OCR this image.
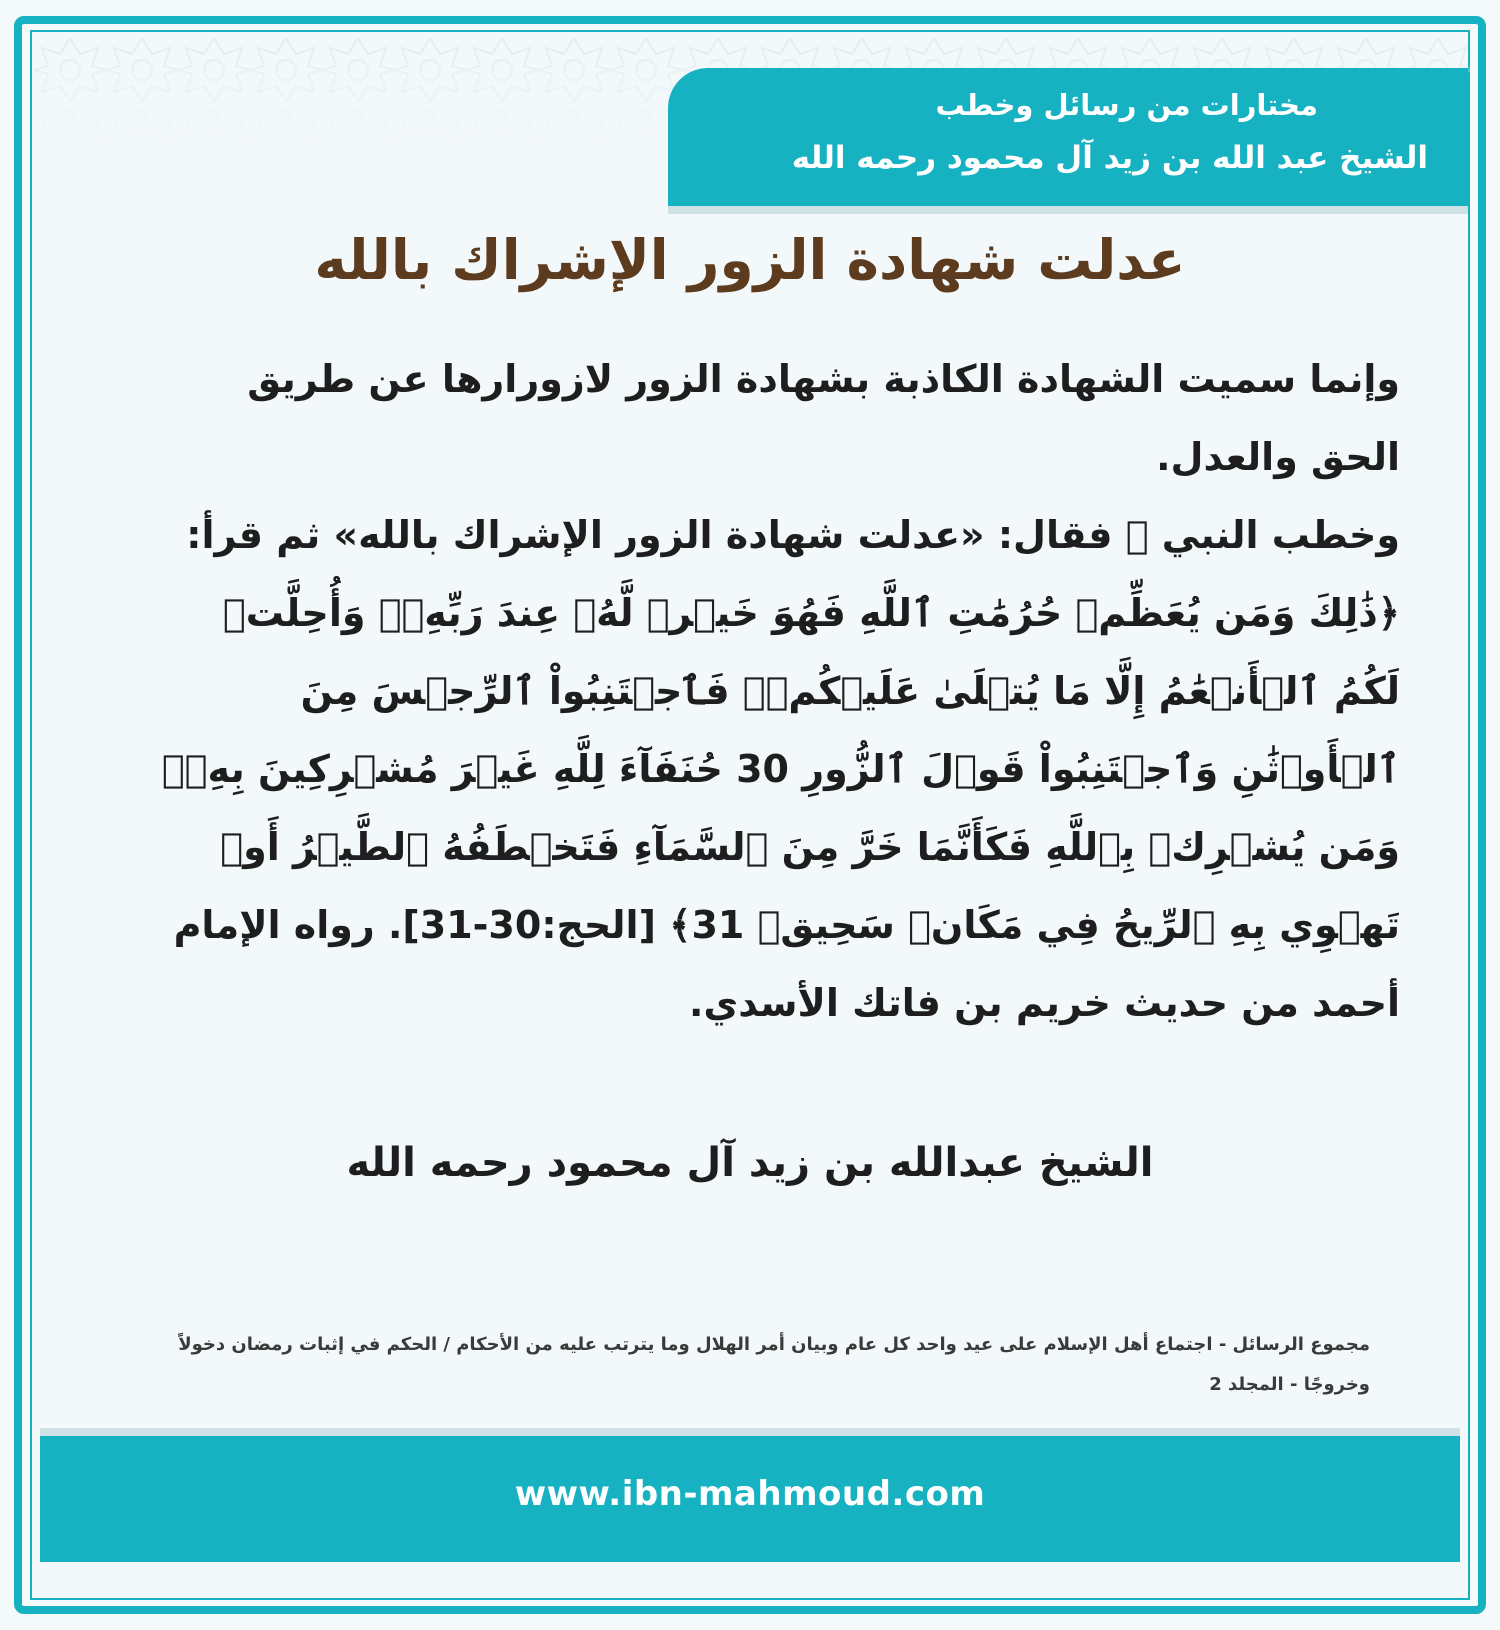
مختارات من رسائل وخطب
الشيخ عبد الله بن زيد آل محمود رحمه الله
عدلت شهادة الزور الإشراك بالله

وإنما سميت الشهادة الكاذبة بشهادة الزور لازورارها عن طريق الحق والعدل.

وخطب النبي ﷺ فقال: «عدلت شهادة الزور الإشراك بالله» ثم قرأ: ﴿ذَٰلِكَ وَمَن يُعَظِّمۡ حُرُمَٰتِ ٱللَّهِ فَهُوَ خَيۡرٞ لَّهُۥ عِندَ رَبِّهِۦۗ وَأُحِلَّتۡ لَكُمُ ٱلۡأَنۡعَٰمُ إِلَّا مَا يُتۡلَىٰ عَلَيۡكُمۡۖ فَٱجۡتَنِبُواْ ٱلرِّجۡسَ مِنَ ٱلۡأَوۡثَٰنِ وَٱجۡتَنِبُواْ قَوۡلَ ٱلزُّورِ 30 حُنَفَآءَ لِلَّهِ غَيۡرَ مُشۡرِكِينَ بِهِۦۚ وَمَن يُشۡرِكۡ بِٱللَّهِ فَكَأَنَّمَا خَرَّ مِنَ ٱلسَّمَآءِ فَتَخۡطَفُهُ ٱلطَّيۡرُ أَوۡ تَهۡوِي بِهِ ٱلرِّيحُ فِي مَكَانٖ سَحِيقٖ 31﴾ [الحج:30-31]. رواه الإمام أحمد من حديث خريم بن فاتك الأسدي.

الشيخ عبدالله بن زيد آل محمود رحمه الله
مجموع الرسائل - اجتماع أهل الإسلام على عيد واحد كل عام وبيان أمر الهلال وما يترتب عليه من الأحكام / الحكم في إثبات رمضان دخولاً وخروجًا - المجلد 2
www.ibn-mahmoud.com
